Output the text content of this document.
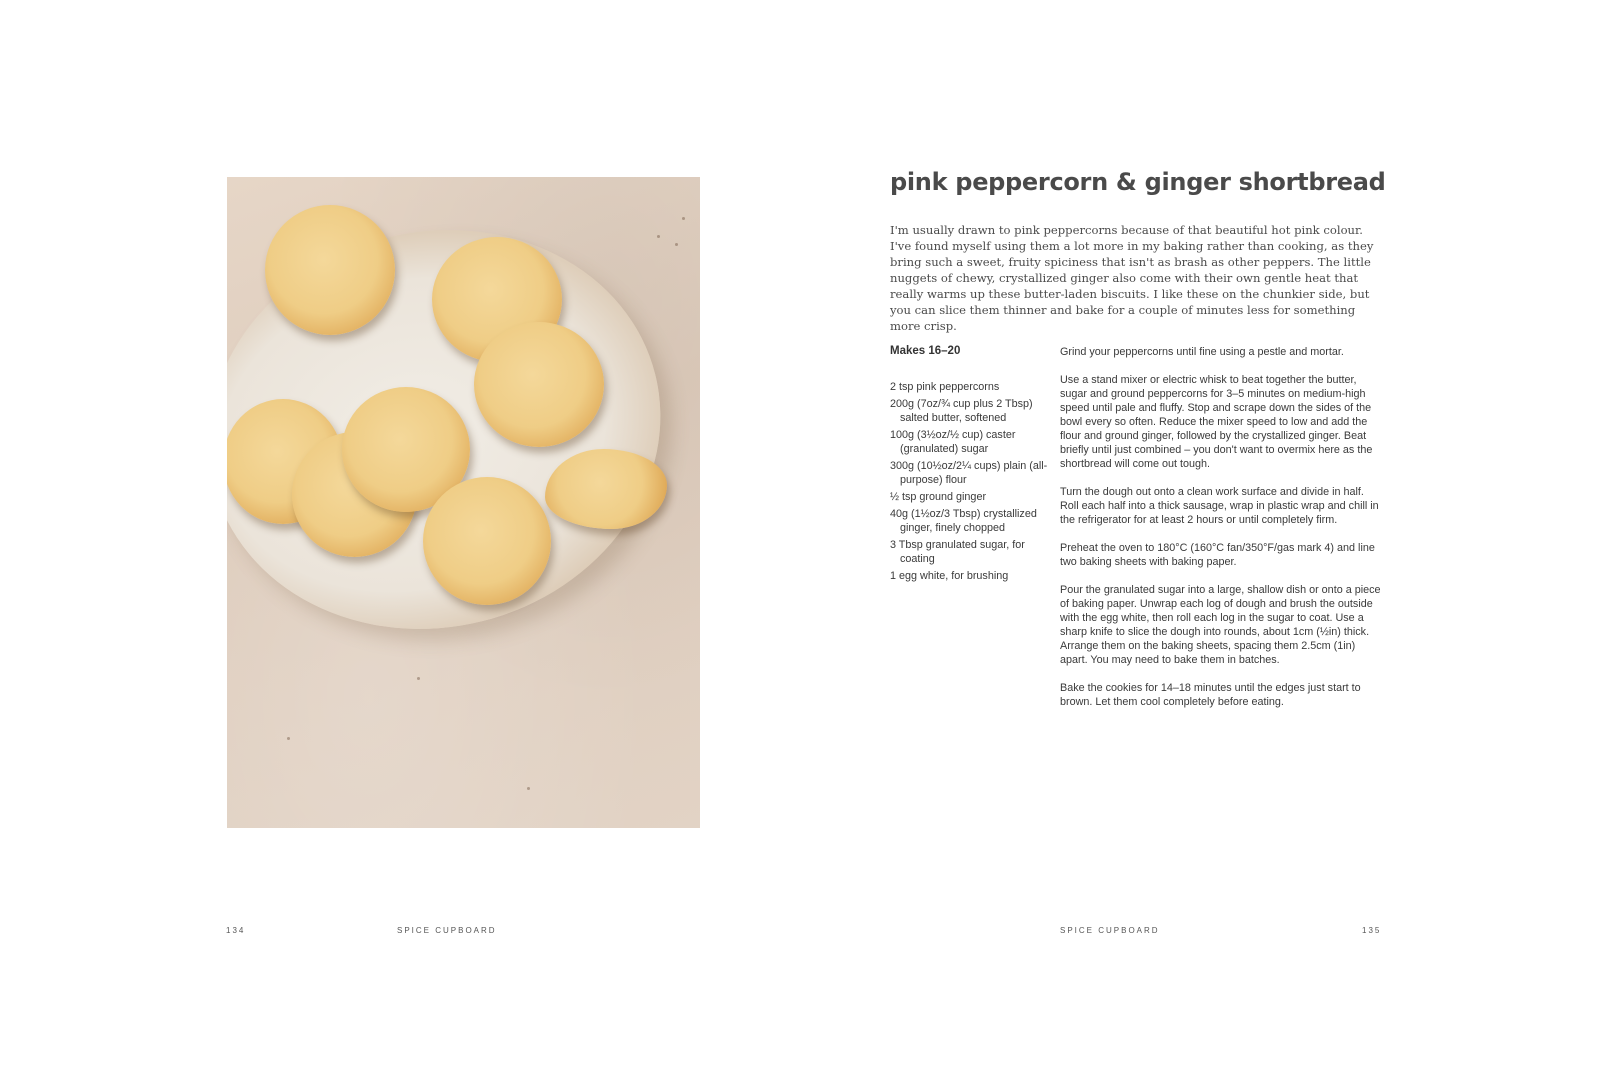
134	SPICE CUPBOARD
pink peppercorn & ginger shortbread

I'm usually drawn to pink peppercorns because of that beautiful hot pink colour. I've found myself using them a lot more in my baking rather than cooking, as they bring such a sweet, fruity spiciness that isn't as brash as other peppers. The little nuggets of chewy, crystallized ginger also come with their own gentle heat that really warms up these butter-laden biscuits. I like these on the chunkier side, but you can slice them thinner and bake for a couple of minutes less for something more crisp.

Makes 16–20

2 tsp pink peppercorns
200g (7oz/¾ cup plus 2 Tbsp) salted butter, softened
100g (3½oz/½ cup) caster (granulated) sugar
300g (10½oz/2¼ cups) plain (all-purpose) flour
½ tsp ground ginger
40g (1½oz/3 Tbsp) crystallized ginger, finely chopped
3 Tbsp granulated sugar, for coating
1 egg white, for brushing

Grind your peppercorns until fine using a pestle and mortar.

Use a stand mixer or electric whisk to beat together the butter, sugar and ground peppercorns for 3–5 minutes on medium-high speed until pale and fluffy. Stop and scrape down the sides of the bowl every so often. Reduce the mixer speed to low and add the flour and ground ginger, followed by the crystallized ginger. Beat briefly until just combined – you don't want to overmix here as the shortbread will come out tough.

Turn the dough out onto a clean work surface and divide in half. Roll each half into a thick sausage, wrap in plastic wrap and chill in the refrigerator for at least 2 hours or until completely firm.

Preheat the oven to 180°C (160°C fan/350°F/gas mark 4) and line two baking sheets with baking paper.

Pour the granulated sugar into a large, shallow dish or onto a piece of baking paper. Unwrap each log of dough and brush the outside with the egg white, then roll each log in the sugar to coat. Use a sharp knife to slice the dough into rounds, about 1cm (½in) thick. Arrange them on the baking sheets, spacing them 2.5cm (1in) apart. You may need to bake them in batches.

Bake the cookies for 14–18 minutes until the edges just start to brown. Let them cool completely before eating.

SPICE CUPBOARD	135
